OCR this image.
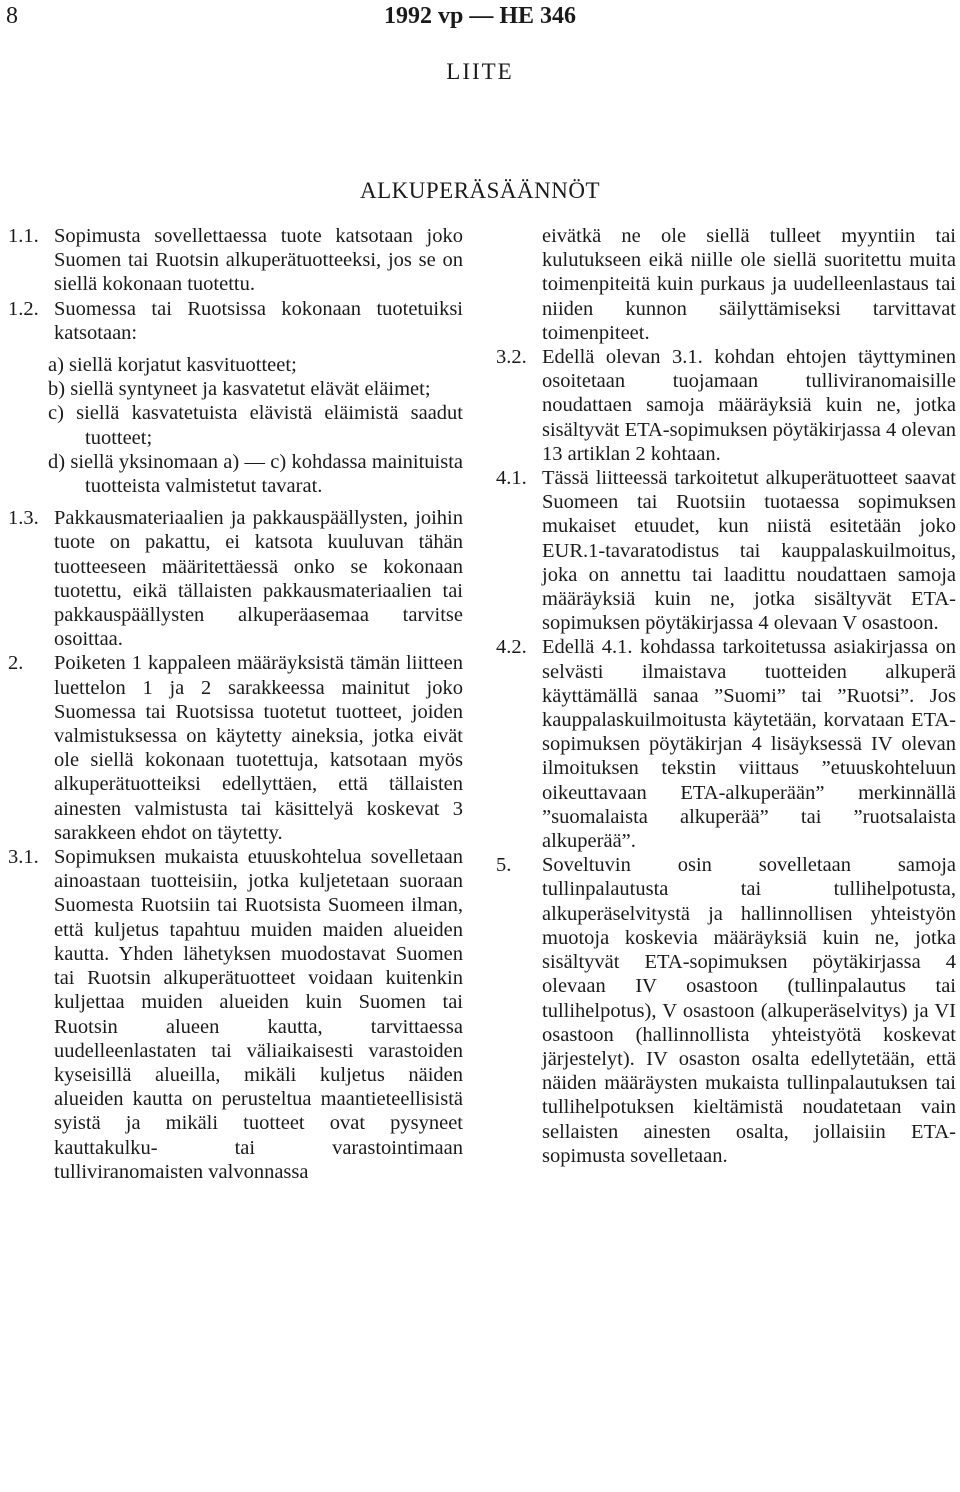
8	1992 vp — HE 346
LIITE
ALKUPERÄSÄÄNNÖT
1.1. Sopimusta sovellettaessa tuote katsotaan joko Suomen tai Ruotsin alkuperätuotteeksi, jos se on siellä kokonaan tuotettu.
1.2. Suomessa tai Ruotsissa kokonaan tuotetuiksi katsotaan:
a) siellä korjatut kasvituotteet;
b) siellä syntyneet ja kasvatetut elävät eläimet;
c) siellä kasvatetuista elävistä eläimistä saadut tuotteet;
d) siellä yksinomaan a) — c) kohdassa mainituista tuotteista valmistetut tavarat.
1.3. Pakkausmateriaalien ja pakkauspäällysten, joihin tuote on pakattu, ei katsota kuuluvan tähän tuotteeseen määritettäessä onko se kokonaan tuotettu, eikä tällaisten pakkausmateriaalien tai pakkauspäällysten alkuperäasemaa tarvitse osoittaa.
2. Poiketen 1 kappaleen määräyksistä tämän liitteen luettelon 1 ja 2 sarakkeessa mainitut joko Suomessa tai Ruotsissa tuotetut tuotteet, joiden valmistuksessa on käytetty aineksia, jotka eivät ole siellä kokonaan tuotettuja, katsotaan myös alkuperätuotteiksi edellyttäen, että tällaisten ainesten valmistusta tai käsittelyä koskevat 3 sarakkeen ehdot on täytetty.
3.1. Sopimuksen mukaista etuuskohtelua sovelletaan ainoastaan tuotteisiin, jotka kuljetetaan suoraan Suomesta Ruotsiin tai Ruotsista Suomeen ilman, että kuljetus tapahtuu muiden maiden alueiden kautta. Yhden lähetyksen muodostavat Suomen tai Ruotsin alkuperätuotteet voidaan kuitenkin kuljettaa muiden alueiden kuin Suomen tai Ruotsin alueen kautta, tarvittaessa uudelleenlastaten tai väliaikaisesti varastoiden kyseisillä alueilla, mikäli kuljetus näiden alueiden kautta on perusteltua maantieteellisistä syistä ja mikäli tuotteet ovat pysyneet kauttakulku- tai varastointimaan tulliviranomaisten valvonnassa
eivätkä ne ole siellä tulleet myyntiin tai kulutukseen eikä niille ole siellä suoritettu muita toimenpiteitä kuin purkaus ja uudelleenlastaus tai niiden kunnon säilyttämiseksi tarvittavat toimenpiteet.
3.2. Edellä olevan 3.1. kohdan ehtojen täyttyminen osoitetaan tuojamaan tulliviranomaisille noudattaen samoja määräyksiä kuin ne, jotka sisältyvät ETA-sopimuksen pöytäkirjassa 4 olevan 13 artiklan 2 kohtaan.
4.1. Tässä liitteessä tarkoitetut alkuperätuotteet saavat Suomeen tai Ruotsiin tuotaessa sopimuksen mukaiset etuudet, kun niistä esitetään joko EUR.1-tavaratodistus tai kauppalaskuilmoitus, joka on annettu tai laadittu noudattaen samoja määräyksiä kuin ne, jotka sisältyvät ETA-sopimuksen pöytäkirjassa 4 olevaan V osastoon.
4.2. Edellä 4.1. kohdassa tarkoitetussa asiakirjassa on selvästi ilmaistava tuotteiden alkuperä käyttämällä sanaa ”Suomi” tai ”Ruotsi”. Jos kauppalaskuilmoitusta käytetään, korvataan ETA-sopimuksen pöytäkirjan 4 lisäyksessä IV olevan ilmoituksen tekstin viittaus ”etuuskohteluun oikeuttavaan ETA-alkuperään” merkinnällä ”suomalaista alkuperää” tai ”ruotsalaista alkuperää”.
5. Soveltuvin osin sovelletaan samoja tullinpalautusta tai tullihelpotusta, alkuperäselvitystä ja hallinnollisen yhteistyön muotoja koskevia määräyksiä kuin ne, jotka sisältyvät ETA-sopimuksen pöytäkirjassa 4 olevaan IV osastoon (tullinpalautus tai tullihelpotus), V osastoon (alkuperäselvitys) ja VI osastoon (hallinnollista yhteistyötä koskevat järjestelyt). IV osaston osalta edellytetään, että näiden määräysten mukaista tullinpalautuksen tai tullihelpotuksen kieltämistä noudatetaan vain sellaisten ainesten osalta, jollaisiin ETA-sopimusta sovelletaan.
